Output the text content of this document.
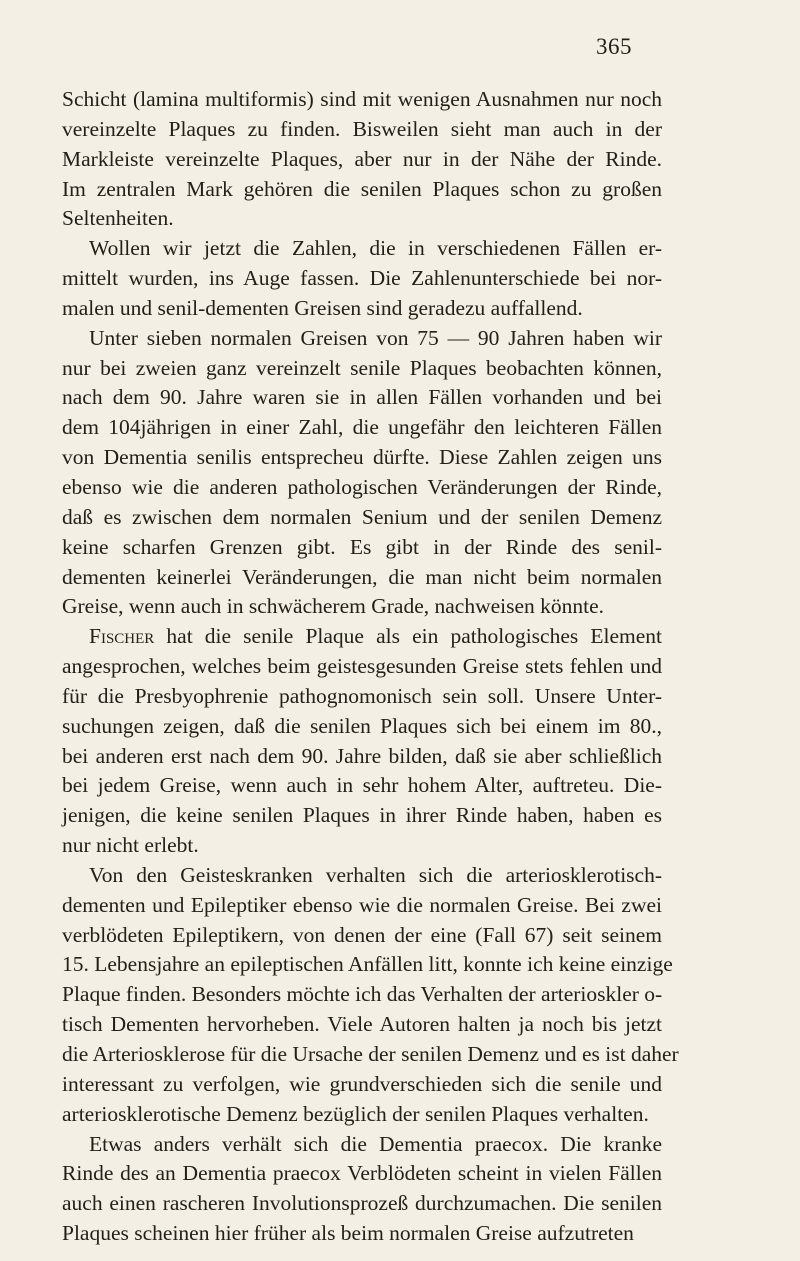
365
Schicht (lamina multiformis) sind mit wenigen Ausnahmen nur noch
vereinzelte Plaques zu finden. Bisweilen sieht man auch in der
Markleiste vereinzelte Plaques, aber nur in der Nähe der Rinde.
Im zentralen Mark gehören die senilen Plaques schon zu großen
Seltenheiten.
Wollen wir jetzt die Zahlen, die in verschiedenen Fällen er-
mittelt wurden, ins Auge fassen. Die Zahlenunterschiede bei nor-
malen und senil-dementen Greisen sind geradezu auffallend.
Unter sieben normalen Greisen von 75 — 90 Jahren haben wir
nur bei zweien ganz vereinzelt senile Plaques beobachten können,
nach dem 90. Jahre waren sie in allen Fällen vorhanden und bei
dem 104jährigen in einer Zahl, die ungefähr den leichteren Fällen
von Dementia senilis entsprecheu dürfte. Diese Zahlen zeigen uns
ebenso wie die anderen pathologischen Veränderungen der Rinde,
daß es zwischen dem normalen Senium und der senilen Demenz
keine scharfen Grenzen gibt. Es gibt in der Rinde des senil-
dementen keinerlei Veränderungen, die man nicht beim normalen
Greise, wenn auch in schwächerem Grade, nachweisen könnte.
Fischer hat die senile Plaque als ein pathologisches Element
angesprochen, welches beim geistesgesunden Greise stets fehlen und
für die Presbyophrenie pathognomonisch sein soll. Unsere Unter-
suchungen zeigen, daß die senilen Plaques sich bei einem im 80.,
bei anderen erst nach dem 90. Jahre bilden, daß sie aber schließlich
bei jedem Greise, wenn auch in sehr hohem Alter, auftreteu. Die-
jenigen, die keine senilen Plaques in ihrer Rinde haben, haben es
nur nicht erlebt.
Von den Geisteskranken verhalten sich die arteriosklerotisch-
dementen und Epileptiker ebenso wie die normalen Greise. Bei zwei
verblödeten Epileptikern, von denen der eine (Fall 67) seit seinem
15. Lebensjahre an epileptischen Anfällen litt, konnte ich keine einzige
Plaque finden. Besonders möchte ich das Verhalten der arterioskler o-
tisch Dementen hervorheben. Viele Autoren halten ja noch bis jetzt
die Arteriosklerose für die Ursache der senilen Demenz und es ist daher
interessant zu verfolgen, wie grundverschieden sich die senile und
arteriosklerotische Demenz bezüglich der senilen Plaques verhalten.
Etwas anders verhält sich die Dementia praecox. Die kranke
Rinde des an Dementia praecox Verblödeten scheint in vielen Fällen
auch einen rascheren Involutionsprozeß durchzumachen. Die senilen
Plaques scheinen hier früher als beim normalen Greise aufzutreten
